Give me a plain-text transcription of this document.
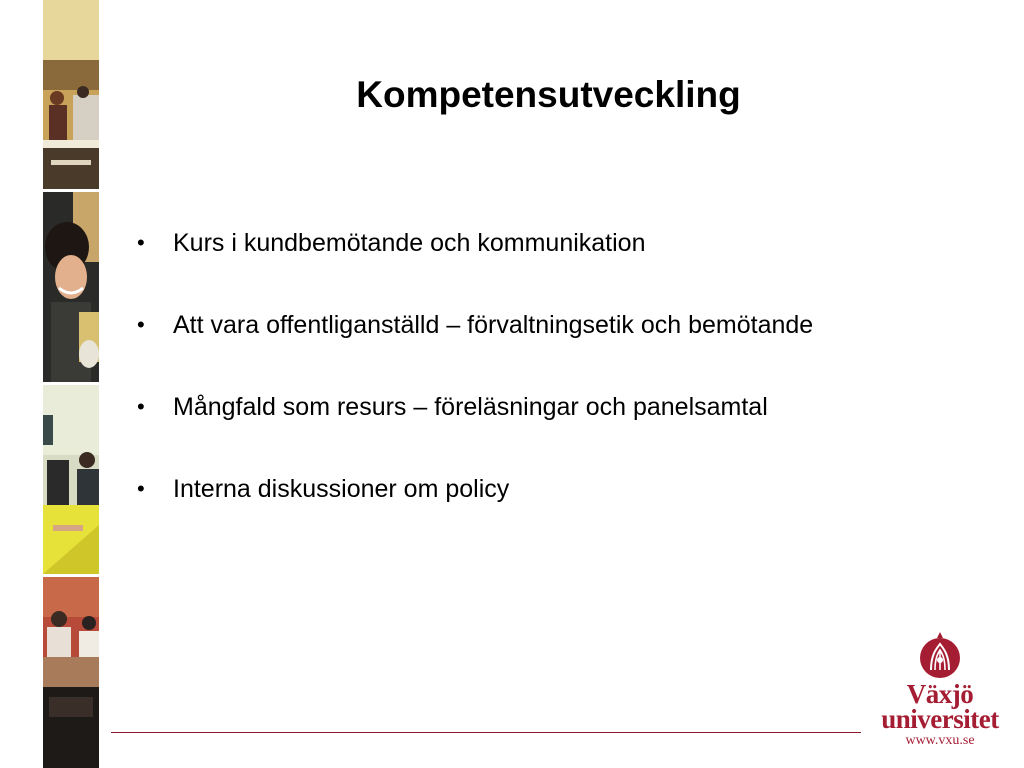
Kompetensutveckling
• Kurs i kundbemötande och kommunikation
• Att vara offentliganställd – förvaltningsetik och bemötande
• Mångfald som resurs – föreläsningar och panelsamtal
• Interna diskussioner om policy
Växjö
universitet
www.vxu.se
